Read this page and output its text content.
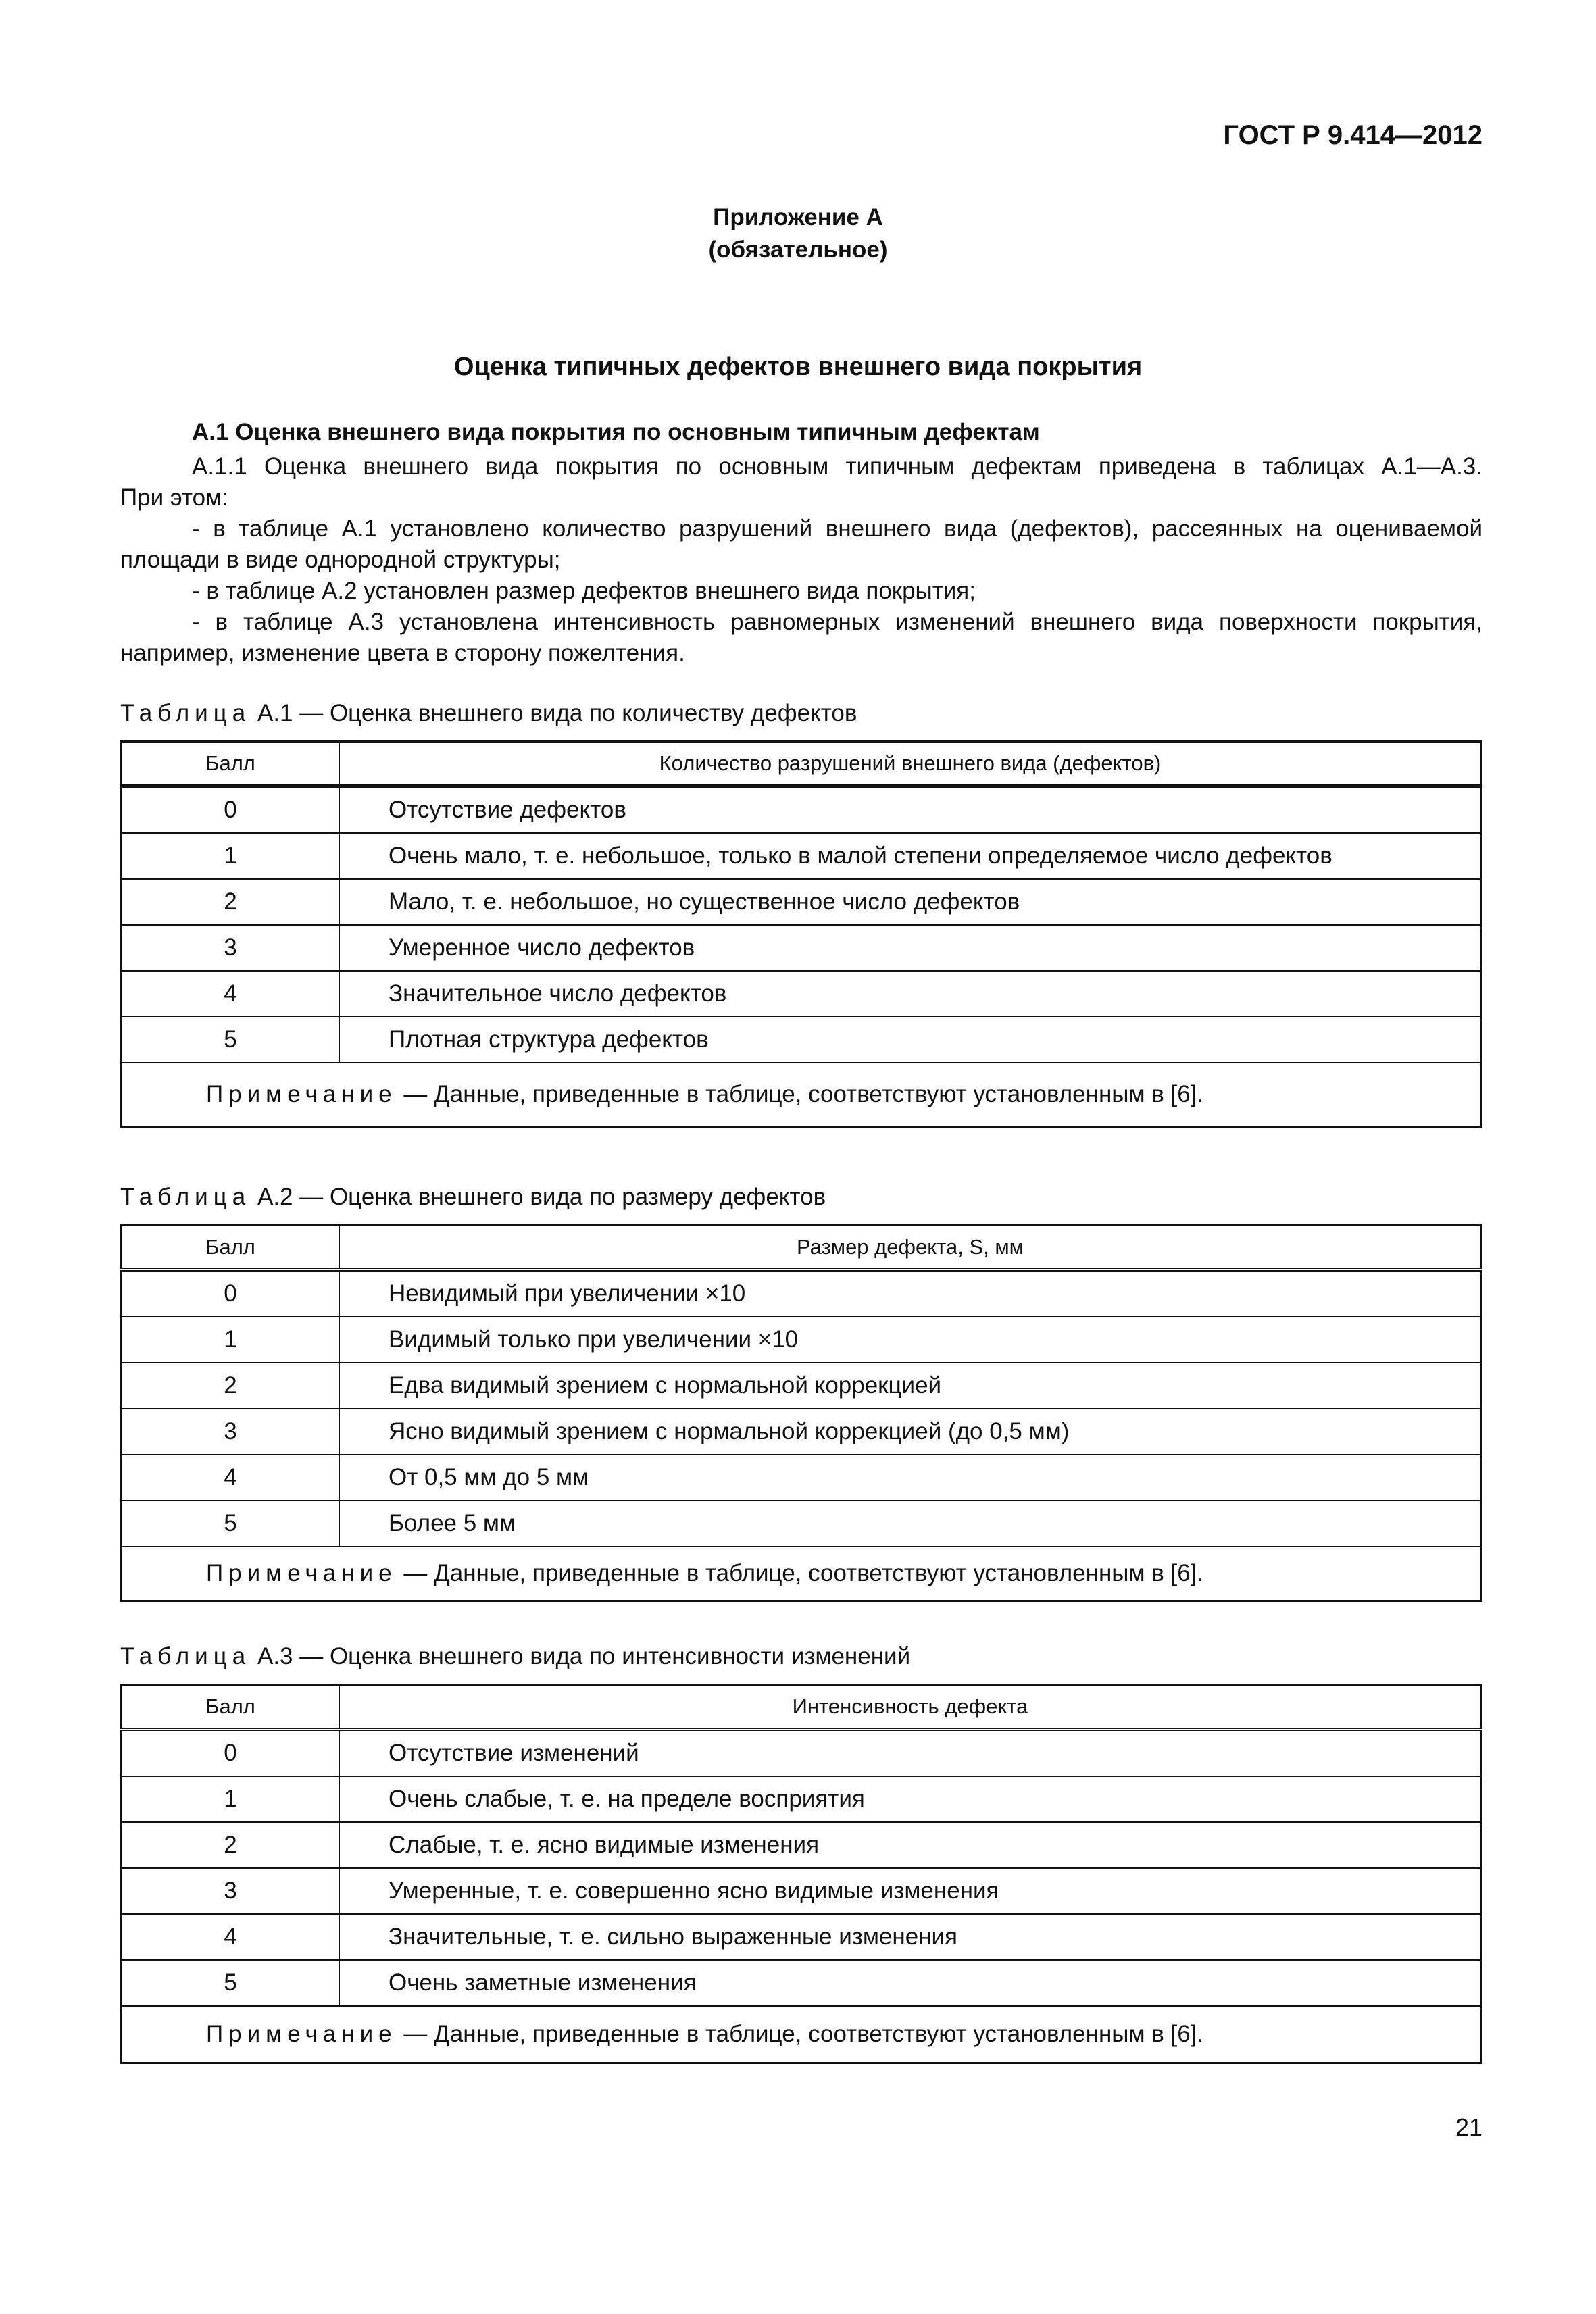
ГОСТ Р 9.414—2012
Приложение А
(обязательное)
Оценка типичных дефектов внешнего вида покрытия
А.1 Оценка внешнего вида покрытия по основным типичным дефектам
А.1.1 Оценка внешнего вида покрытия по основным типичным дефектам приведена в таблицах А.1—А.3.
При этом:
- в таблице А.1 установлено количество разрушений внешнего вида (дефектов), рассеянных на оцениваемой
площади в виде однородной структуры;
- в таблице А.2 установлен размер дефектов внешнего вида покрытия;
- в таблице А.3 установлена интенсивность равномерных изменений внешнего вида поверхности покрытия,
например, изменение цвета в сторону пожелтения.
Таблица А.1 — Оценка внешнего вида по количеству дефектов
Балл	Количество разрушений внешнего вида (дефектов)
0	Отсутствие дефектов
1	Очень мало, т. е. небольшое, только в малой степени определяемое число дефектов
2	Мало, т. е. небольшое, но существенное число дефектов
3	Умеренное число дефектов
4	Значительное число дефектов
5	Плотная структура дефектов
Примечание — Данные, приведенные в таблице, соответствуют установленным в [6].	
Таблица А.2 — Оценка внешнего вида по размеру дефектов
Балл	Размер дефекта, S, мм
0	Невидимый при увеличении ×10
1	Видимый только при увеличении ×10
2	Едва видимый зрением с нормальной коррекцией
3	Ясно видимый зрением с нормальной коррекцией (до 0,5 мм)
4	От 0,5 мм до 5 мм
5	Более 5 мм
Примечание — Данные, приведенные в таблице, соответствуют установленным в [6].	
Таблица А.3 — Оценка внешнего вида по интенсивности изменений
Балл	Интенсивность дефекта
0	Отсутствие изменений
1	Очень слабые, т. е. на пределе восприятия
2	Слабые, т. е. ясно видимые изменения
3	Умеренные, т. е. совершенно ясно видимые изменения
4	Значительные, т. е. сильно выраженные изменения
5	Очень заметные изменения
Примечание — Данные, приведенные в таблице, соответствуют установленным в [6].	
21
